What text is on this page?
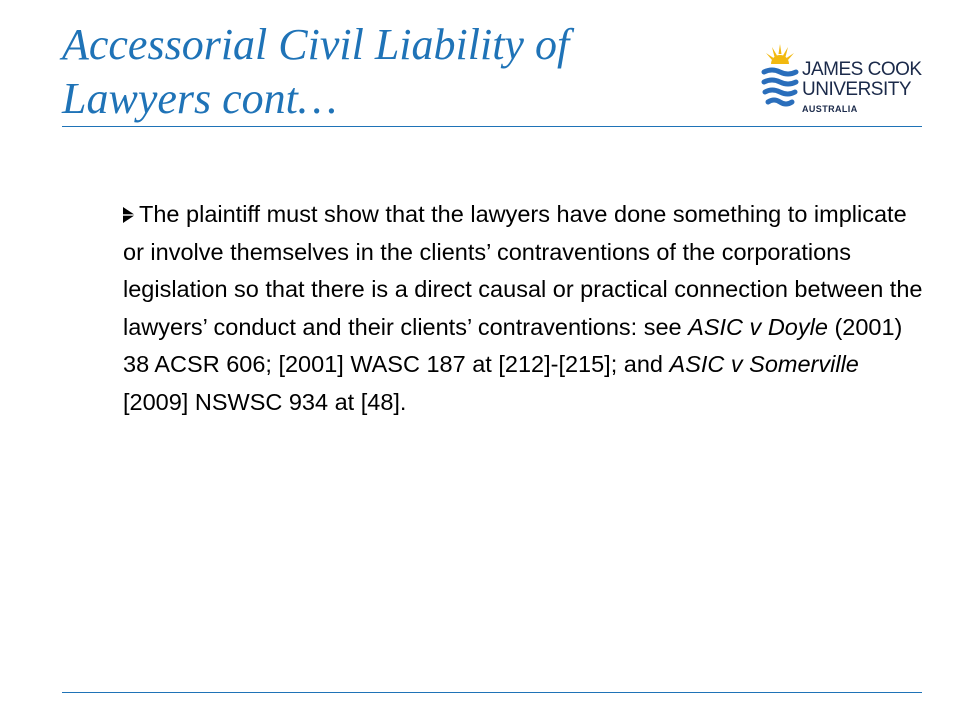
Accessorial Civil Liability of
Lawyers cont…
JAMES COOK
UNIVERSITY
AUSTRALIA

The plaintiff must show that the lawyers have done something to implicate or involve themselves in the clients’ contraventions of the corporations legislation so that there is a direct causal or practical connection between the lawyers’ conduct and their clients’ contraventions: see ASIC v Doyle (2001) 38 ACSR 606; [2001] WASC 187 at [212]-[215]; and ASIC v Somerville [2009] NSWSC 934 at [48].
